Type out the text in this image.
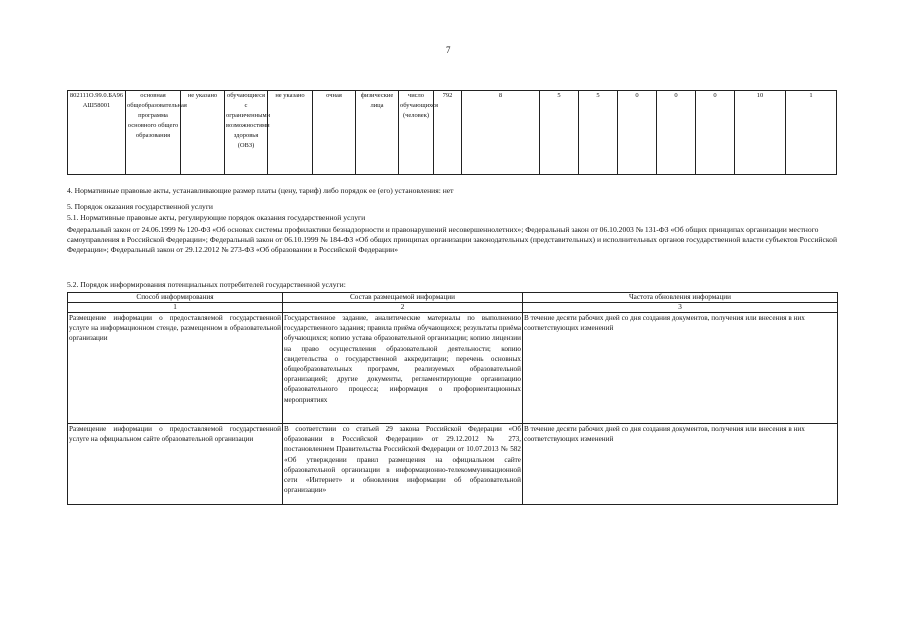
7
802111О.99.0.БА96АШ58001	основная общеобразовательная программа основного общего образования	не указано	обучающиеся с ограниченными возможностями здоровья (ОВЗ)	не указано	очная	физические лица	число обучающихся (человек)	792	8	5	5	0	0	0	10	1
4. Нормативные правовые акты, устанавливающие размер платы (цену, тариф) либо порядок ее (его) установления: нет
5. Порядок оказания государственной услуги
5.1. Нормативные правовые акты, регулирующие порядок оказания государственной услуги
Федеральный закон от 24.06.1999 № 120-ФЗ «Об основах системы профилактики безнадзорности и правонарушений несовершеннолетних»; Федеральный закон от 06.10.2003 № 131-ФЗ «Об общих принципах организации местного самоуправления в Российской Федерации»; Федеральный закон от 06.10.1999 № 184-ФЗ «Об общих принципах организации законодательных (представительных) и исполнительных органов государственной власти субъектов Российской Федерации»; Федеральный закон от 29.12.2012 № 273-ФЗ «Об образовании в Российской Федерации»
5.2. Порядок информирования потенциальных потребителей государственной услуги:
Способ информирования	Состав размещаемой информации	Частота обновления информации
1	2	3
Размещение информации о предоставляемой государственной услуге на информационном стенде, размещенном в образовательной организации	Государственное задание, аналитические материалы по выполнению государственного задания; правила приёма обучающихся; результаты приёма обучающихся; копию устава образовательной организации; копию лицензии на право осуществления образовательной деятельности; копию свидетельства о государственной аккредитации; перечень основных общеобразовательных программ, реализуемых образовательной организацией; другие документы, регламентирующие организацию образовательного процесса; информация о профориентационных мероприятиях	В течение десяти рабочих дней со дня создания документов, получения или внесения в них соответствующих изменений
Размещение информации о предоставляемой государственной услуге на официальном сайте образовательной организации	В соответствии со статьей 29 закона Российской Федерации «Об образовании в Российской Федерации» от 29.12.2012 № 273, постановлением Правительства Российской Федерации от 10.07.2013 № 582 «Об утверждении правил размещения на официальном сайте образовательной организации в информационно-телекоммуникационной сети «Интернет» и обновления информации об образовательной организации»	В течение десяти рабочих дней со дня создания документов, получения или внесения в них соответствующих изменений
